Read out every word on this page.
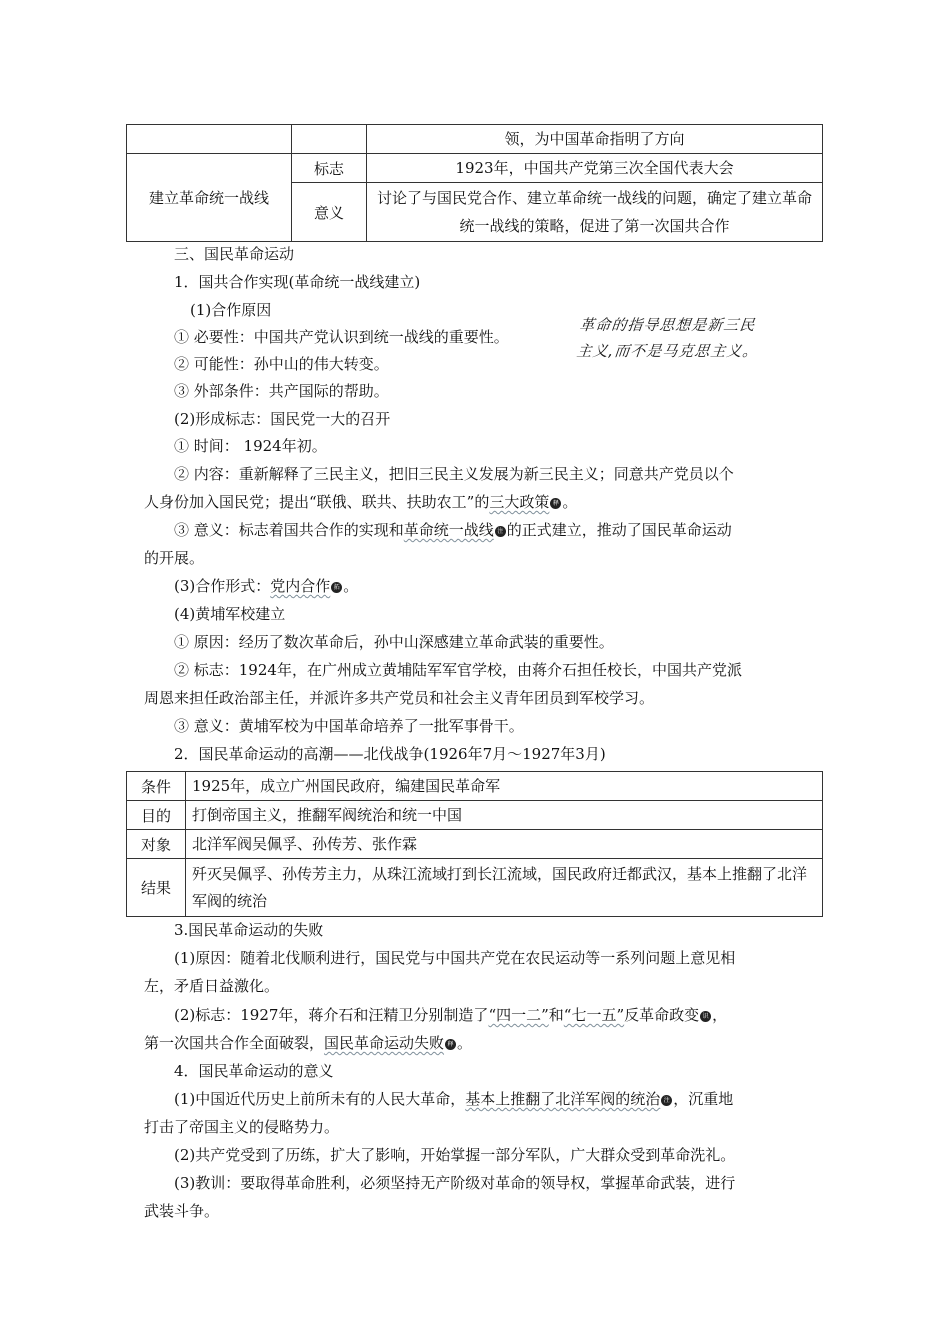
		领，为中国革命指明了方向
建立革命统一战线	标志	1923年，中国共产党第三次全国代表大会
	意义	讨论了与国民党合作、建立革命统一战线的问题，确定了建立革命统一战线的策略，促进了第一次国共合作
三、国民革命运动
1．国共合作实现(革命统一战线建立)
(1)合作原因
① 必要性：中国共产党认识到统一战线的重要性。
② 可能性：孙中山的伟大转变。
③ 外部条件：共产国际的帮助。
(2)形成标志：国民党一大的召开
① 时间： 1924年初。
② 内容：重新解释了三民主义，把旧三民主义发展为新三民主义；同意共产党员以个
人身份加入国民党；提出“联俄、联共、扶助农工”的三大政策 释 。
③ 意义：标志着国共合作的实现和革命统一战线 注 的正式建立，推动了国民革命运动
的开展。
(3)合作形式：党内合作 拓 。
(4)黄埔军校建立
① 原因：经历了数次革命后，孙中山深感建立革命武装的重要性。
② 标志：1924年，在广州成立黄埔陆军军官学校，由蒋介石担任校长，中国共产党派
周恩来担任政治部主任，并派许多共产党员和社会主义青年团员到军校学习。
③ 意义：黄埔军校为中国革命培养了一批军事骨干。
2．国民革命运动的高潮——北伐战争(1926年7月～1927年3月)
条件	1925年，成立广州国民政府，编建国民革命军
目的	打倒帝国主义，推翻军阀统治和统一中国
对象	北洋军阀吴佩孚、孙传芳、张作霖
结果	歼灭吴佩孚、孙传芳主力，从珠江流域打到长江流域，国民政府迁都武汉，基本上推翻了北洋军阀的统治
3.国民革命运动的失败
(1)原因：随着北伐顺利进行，国民党与中国共产党在农民运动等一系列问题上意见相
左，矛盾日益激化。
(2)标志：1927年，蒋介石和汪精卫分别制造了“四一二”和“七一五”反革命政变 识 ，
第一次国共合作全面破裂，国民革命运动失败 释 。
4．国民革命运动的意义
(1)中国近代历史上前所未有的人民大革命，基本上推翻了北洋军阀的统治 注 ，沉重地
打击了帝国主义的侵略势力。
(2)共产党受到了历练，扩大了影响，开始掌握一部分军队，广大群众受到革命洗礼。
(3)教训：要取得革命胜利，必须坚持无产阶级对革命的领导权，掌握革命武装，进行
武装斗争。
革命的指导思想是新三民
主义,而不是马克思主义。
